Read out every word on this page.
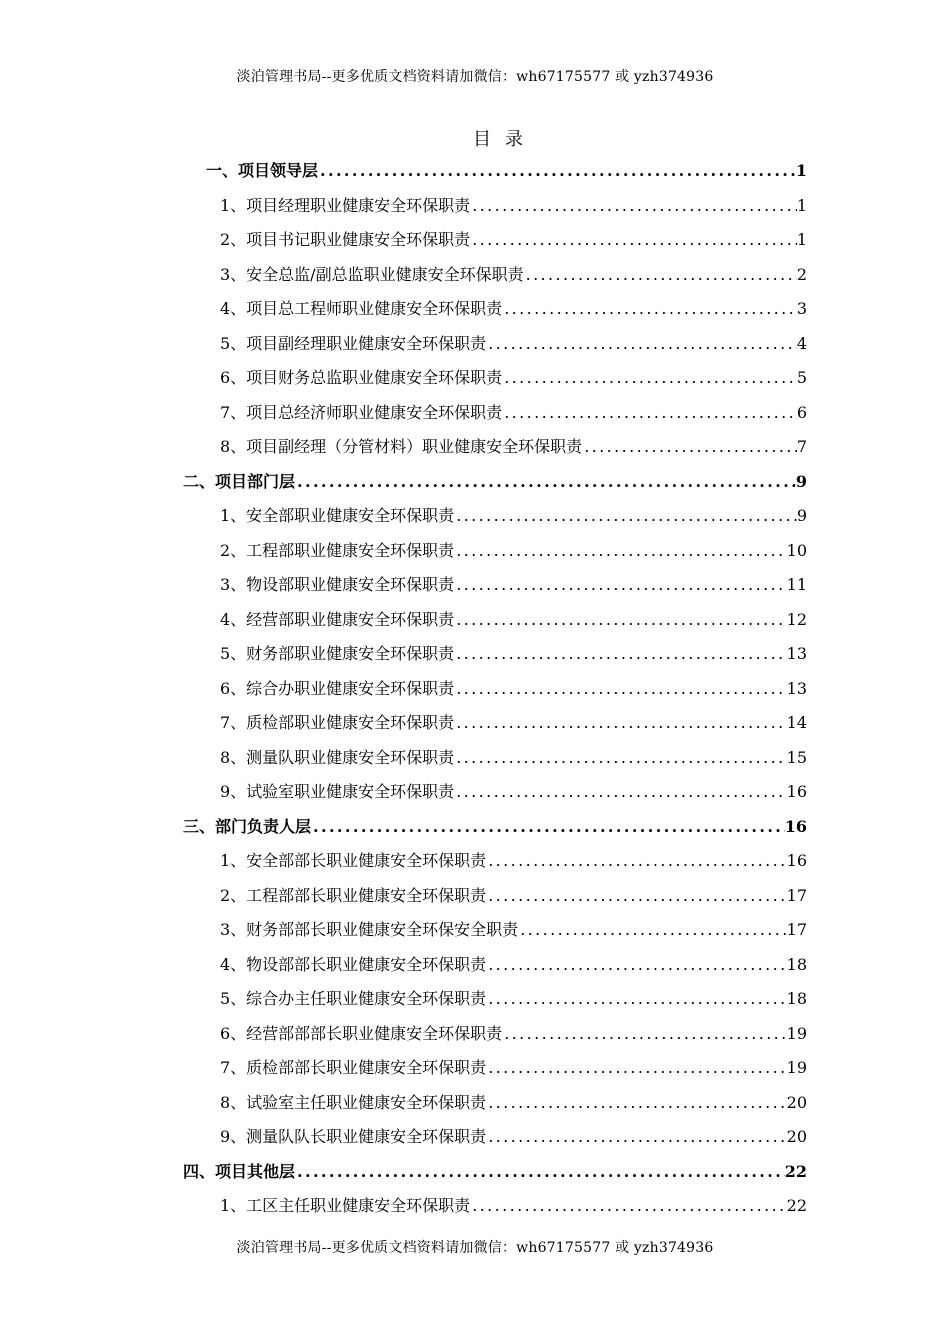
淡泊管理书局--更多优质文档资料请加微信：wh67175577 或 yzh374936
目录
一、项目领导层 .....	1
1、项目经理职业健康安全环保职责 .....	1
2、项目书记职业健康安全环保职责 .....	1
3、安全总监/副总监职业健康安全环保职责 .....	2
4、项目总工程师职业健康安全环保职责 .....	3
5、项目副经理职业健康安全环保职责 .....	4
6、项目财务总监职业健康安全环保职责 .....	5
7、项目总经济师职业健康安全环保职责 .....	6
8、项目副经理（分管材料）职业健康安全环保职责 .....	7
二、项目部门层 .....	9
1、安全部职业健康安全环保职责 .....	9
2、工程部职业健康安全环保职责 .....	10
3、物设部职业健康安全环保职责 .....	11
4、经营部职业健康安全环保职责 .....	12
5、财务部职业健康安全环保职责 .....	13
6、综合办职业健康安全环保职责 .....	13
7、质检部职业健康安全环保职责 .....	14
8、测量队职业健康安全环保职责 .....	15
9、试验室职业健康安全环保职责 .....	16
三、部门负责人层 .....	16
1、安全部部长职业健康安全环保职责 .....	16
2、工程部部长职业健康安全环保职责 .....	17
3、财务部部长职业健康安全环保安全职责 .....	17
4、物设部部长职业健康安全环保职责 .....	18
5、综合办主任职业健康安全环保职责 .....	18
6、经营部部部长职业健康安全环保职责 .....	19
7、质检部部长职业健康安全环保职责 .....	19
8、试验室主任职业健康安全环保职责 .....	20
9、测量队队长职业健康安全环保职责 .....	20
四、项目其他层 .....	22
1、工区主任职业健康安全环保职责 .....	22
淡泊管理书局--更多优质文档资料请加微信：wh67175577 或 yzh374936
